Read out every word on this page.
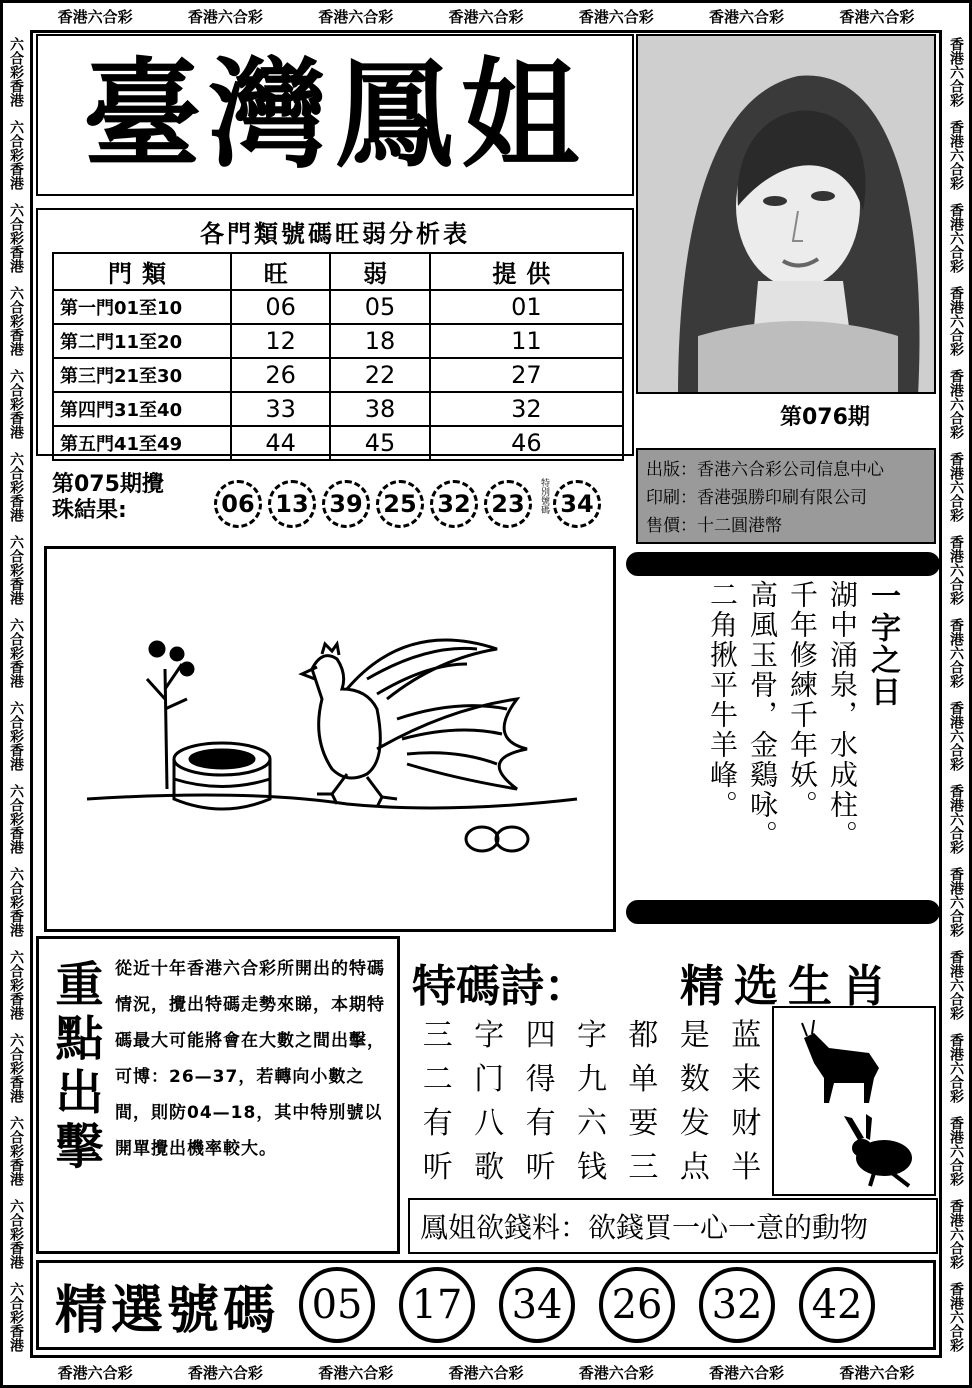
香港六合彩	香港六合彩	香港六合彩	香港六合彩	香港六合彩	香港六合彩	香港六合彩
香港六合彩	香港六合彩	香港六合彩	香港六合彩	香港六合彩	香港六合彩	香港六合彩
六合彩香港
六合彩香港
六合彩香港
六合彩香港
六合彩香港
六合彩香港
六合彩香港
六合彩香港
六合彩香港
六合彩香港
六合彩香港
六合彩香港
六合彩香港
六合彩香港
六合彩香港
六合彩香港
香港六合彩
香港六合彩
香港六合彩
香港六合彩
香港六合彩
香港六合彩
香港六合彩
香港六合彩
香港六合彩
香港六合彩
香港六合彩
香港六合彩
香港六合彩
香港六合彩
香港六合彩
香港六合彩
臺灣鳳姐
第076期
各門類號碼旺弱分析表
門類	旺	弱	提供
第一門01至10	06	05	01
第二門11至20	12	18	11
第三門21至30	26	22	27
第四門31至40	33	38	32
第五門41至49	44	45	46
出版：香港六合彩公司信息中心
印刷：香港强勝印刷有限公司
售價：十二圓港幣
第075期攪
珠結果:	06 13 39 25 32 23	特別號碼 34
一字之日
湖中涌泉，水成柱。
千年修練千年妖。
高風玉骨，金鷄咏。
二角揪平牛羊峰。
重點出擊 從近十年香港六合彩所開出的特碼情況，攪出特碼走勢來睇，本期特碼最大可能將會在大數之間出擊，可博：26—37，若轉向小數之間，則防04—18，其中特別號以開單攪出機率較大。
特碼詩： 精选生肖
三 字 四 字 都 是 蓝
二 门 得 九 单 数 来
有 八 有 六 要 发 财
听 歌 听 钱 三 点 半
鳳姐欲錢料：欲錢買一心一意的動物
精選號碼 05	17	34	26	32	42
